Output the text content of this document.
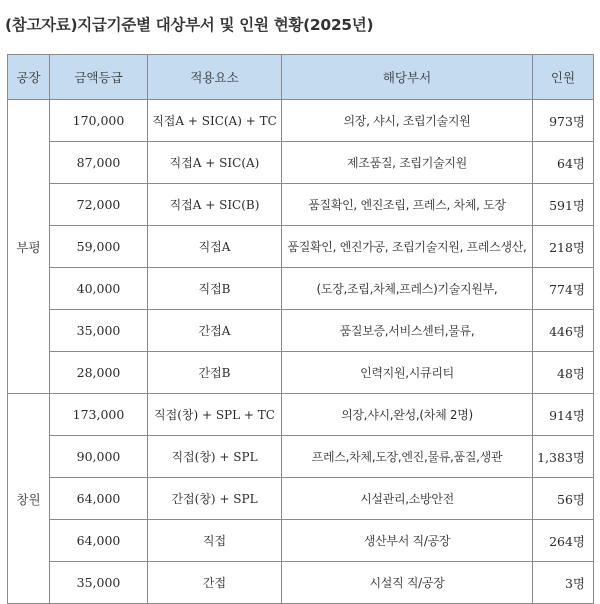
(참고자료)지급기준별 대상부서 및 인원 현황(2025년)
공장	금액등급	적용요소	해당부서	인원
부평	170,000	직접A + SIC(A) + TC	의장, 샤시, 조립기술지원	973명
	87,000	직접A + SIC(A)	제조품질, 조립기술지원	64명
	72,000	직접A + SIC(B)	품질확인, 엔진조립, 프레스, 차체, 도장	591명
	59,000	직접A	품질확인, 엔진가공, 조립기술지원, 프레스생산,	218명
	40,000	직접B	(도장,조립,차체,프레스)기술지원부,	774명
	35,000	간접A	품질보증,서비스센터,물류,	446명
	28,000	간접B	인력지원,시큐리티	48명
창원	173,000	직접(창) + SPL + TC	의장,샤시,완성,(차체 2명)	914명
	90,000	직접(창) + SPL	프레스,차체,도장,엔진,물류,품질,생관	1,383명
	64,000	간접(창) + SPL	시설관리,소방안전	56명
	64,000	직접	생산부서 직/공장	264명
	35,000	간접	시설직 직/공장	3명
